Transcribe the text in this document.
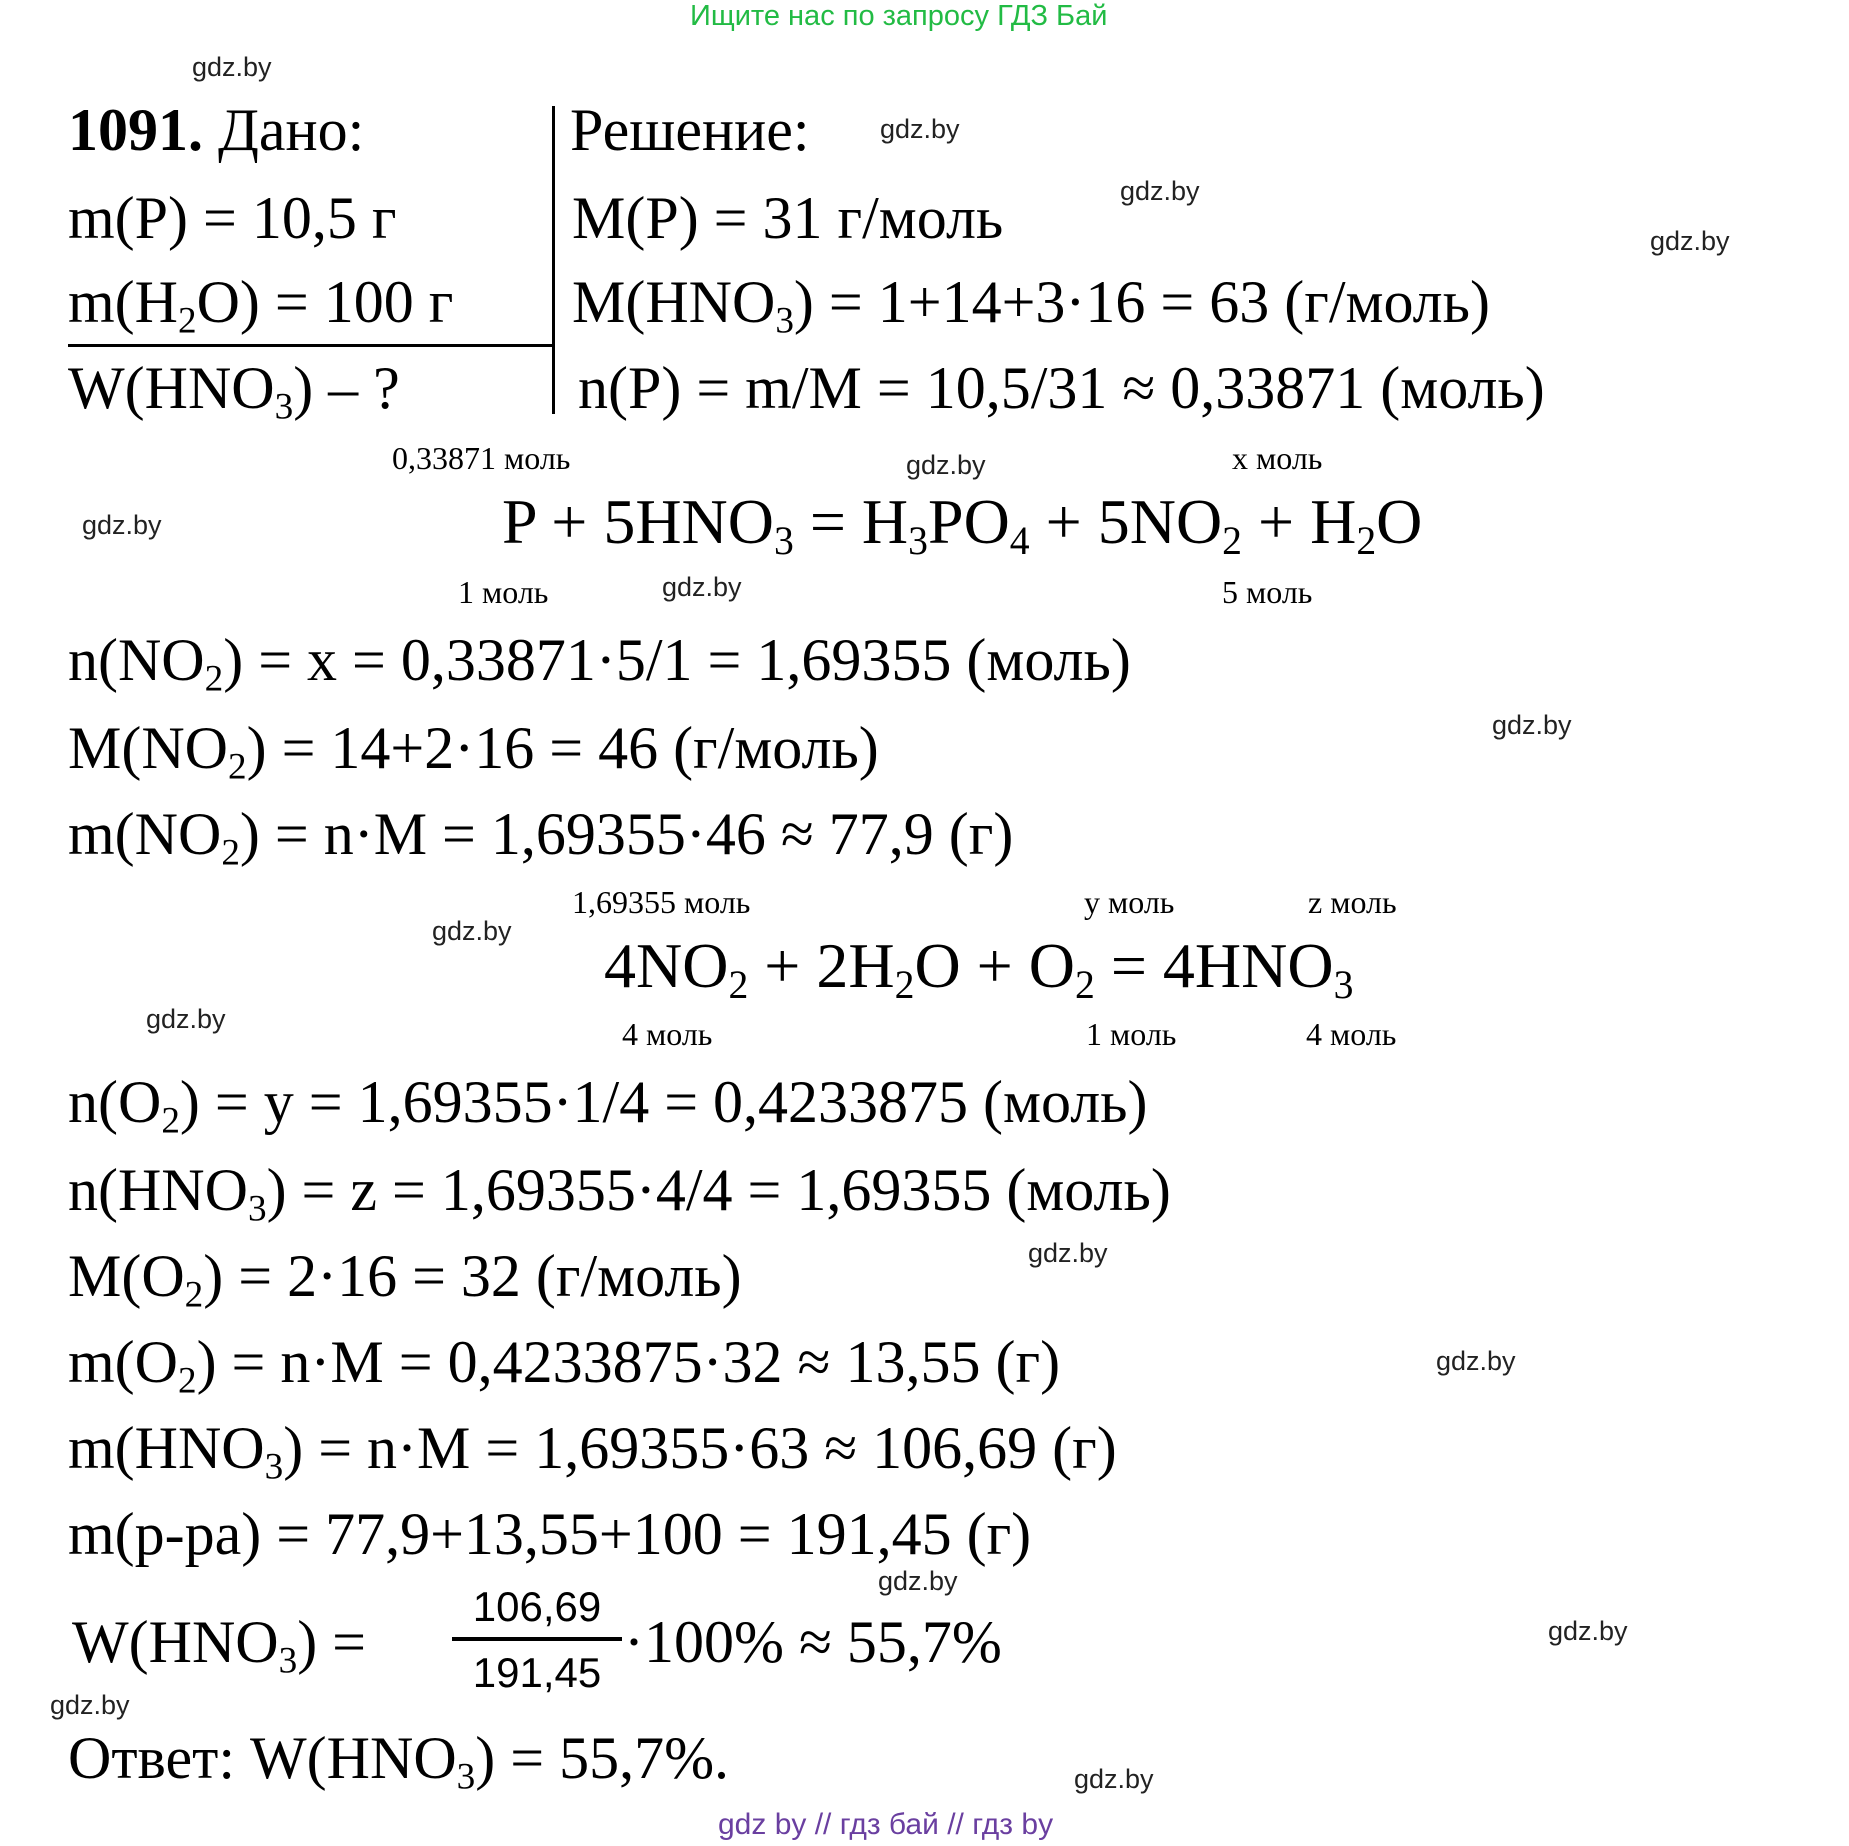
Ищите нас по запросу ГДЗ Бай
1091. Дано:	Решение:
m(P) = 10,5 г
$m(H_2O) = 100$ г
$W(HNO_3)$ – ?
M(P) = 31 г/моль
$M(HNO_3) = 1+14+3\cdot 16 = 63$ (г/моль)
n(P) = m/M = 10,5/31 ≈ 0,33871 (моль)
0,33871 моль	x моль
$P + 5HNO_3 = H_3PO_4 + 5NO_2 + H_2O$
1 моль	5 моль
$n(NO_2) = x = 0,33871\cdot 5/1 = 1,69355$ (моль)
$M(NO_2) = 14+2\cdot 16 = 46$ (г/моль)
$m(NO_2) = n\cdot M = 1,69355\cdot 46 \approx 77,9$ (г)
1,69355 моль	y моль	z моль
$4NO_2 + 2H_2O + O_2 = 4HNO_3$
4 моль	1 моль	4 моль
$n(O_2) = y = 1,69355\cdot 1/4 = 0,4233875$ (моль)
$n(HNO_3) = z = 1,69355\cdot 4/4 = 1,69355$ (моль)
$M(O_2) = 2\cdot 16 = 32$ (г/моль)
$m(O_2) = n\cdot M = 0,4233875\cdot 32 \approx 13,55$ (г)
$m(HNO_3) = n\cdot M = 1,69355\cdot 63 \approx 106,69$ (г)
m(р-ра) = 77,9+13,55+100 = 191,45 (г)
$W(HNO_3)$ =
106,69
191,45 ·100% ≈ 55,7%
Ответ: $W(HNO_3) = 55,7\%$.
gdz.by
gdz.by
gdz.by
gdz.by
gdz.by
gdz.by
gdz.by
gdz.by
gdz.by
gdz.by
gdz.by
gdz.by
gdz.by
gdz.by
gdz.by
gdz.by
gdz by // гдз бай // гдз by
